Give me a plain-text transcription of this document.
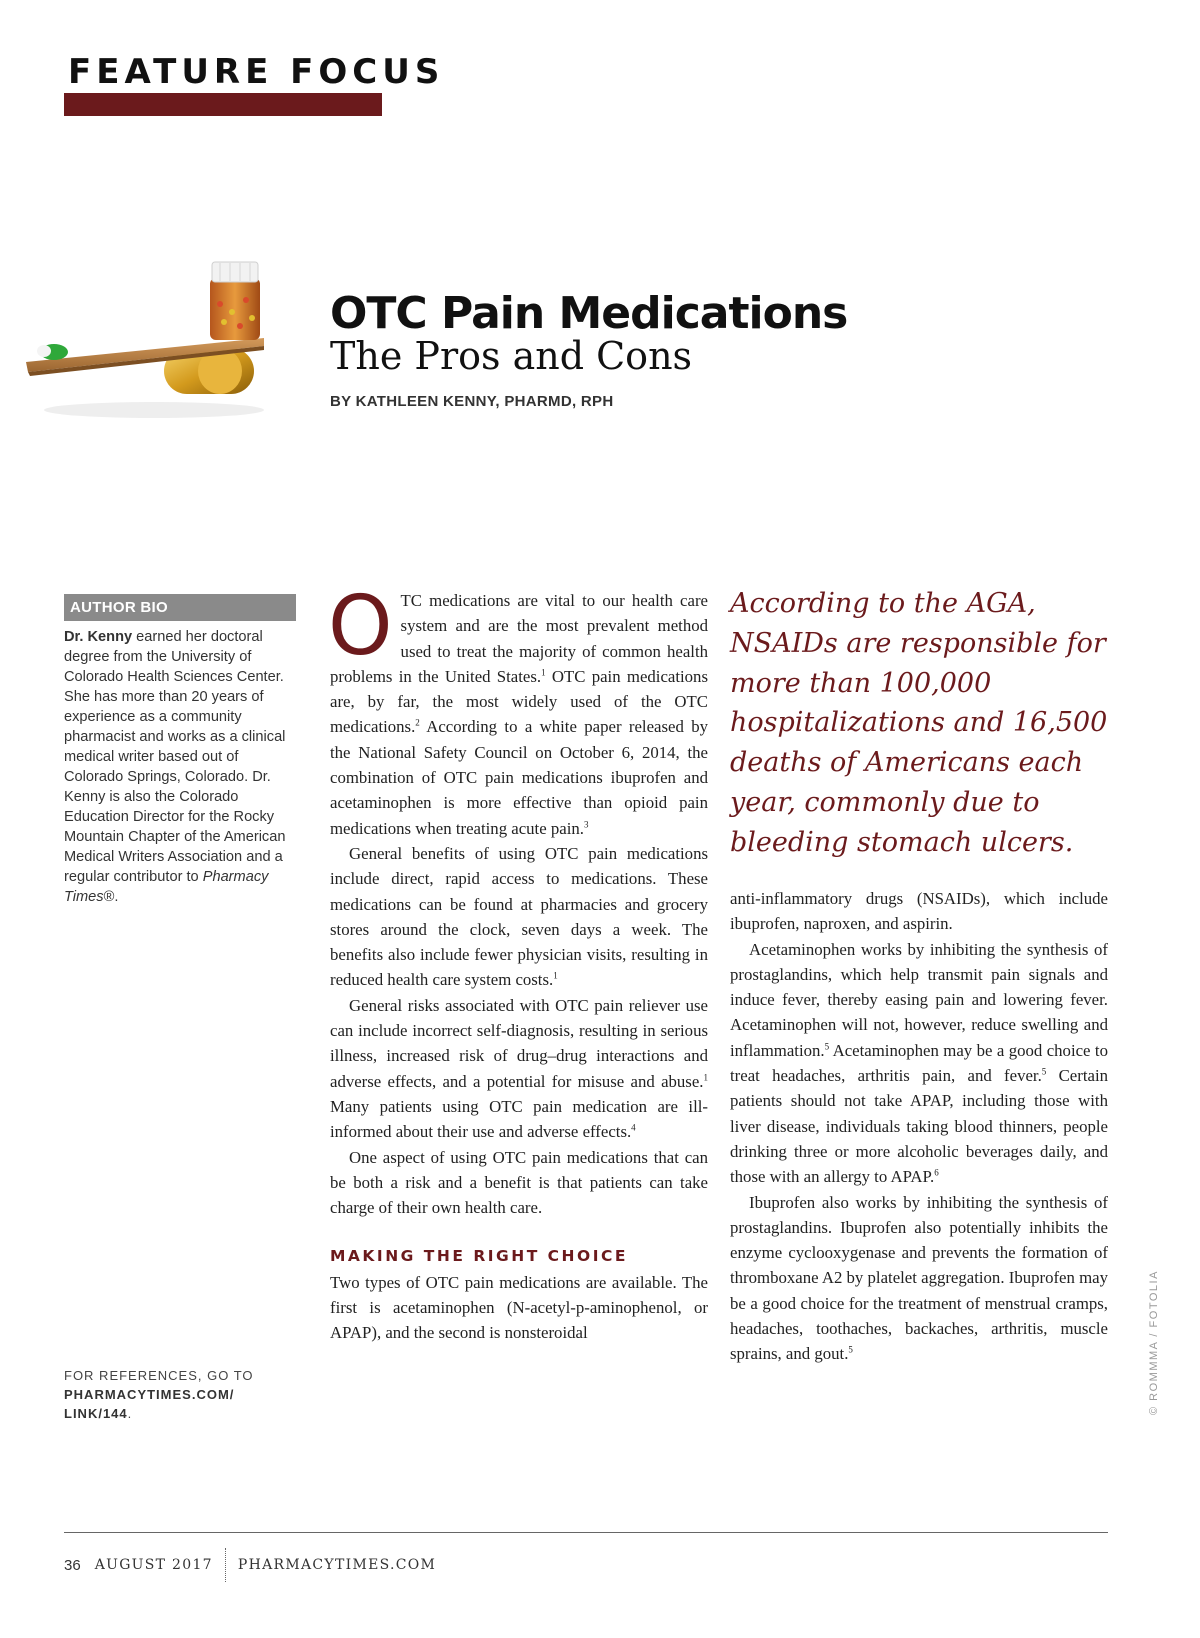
FEATURE FOCUS
OTC Pain Medications
The Pros and Cons
BY KATHLEEN KENNY, PHARMD, RPH
AUTHOR BIO
Dr. Kenny earned her doctoral degree from the University of Colorado Health Sciences Center. She has more than 20 years of experience as a community pharmacist and works as a clinical medical writer based out of Colorado Springs, Colorado. Dr. Kenny is also the Colorado Education Director for the Rocky Mountain Chapter of the American Medical Writers Association and a regular contributor to Pharmacy Times®.
FOR REFERENCES, GO TO
PHARMACYTIMES.COM/ LINK/144.

OTC medications are vital to our health care system and are the most prevalent method used to treat the majority of common health problems in the United States.$^1$ OTC pain medications are, by far, the most widely used of the OTC medications.$^2$ According to a white paper released by the National Safety Council on October 6, 2014, the combination of OTC pain medications ibuprofen and acetaminophen is more effective than opioid pain medications when treating acute pain.$^3$

General benefits of using OTC pain medications include direct, rapid access to medications. These medications can be found at pharmacies and grocery stores around the clock, seven days a week. The benefits also include fewer physician visits, resulting in reduced health care system costs.$^1$

General risks associated with OTC pain reliever use can include incorrect self-diagnosis, resulting in serious illness, increased risk of drug–drug interactions and adverse effects, and a potential for misuse and abuse.$^1$ Many patients using OTC pain medication are ill-informed about their use and adverse effects.$^4$

One aspect of using OTC pain medications that can be both a risk and a benefit is that patients can take charge of their own health care.

MAKING THE RIGHT CHOICE

Two types of OTC pain medications are available. The first is acetaminophen (N-acetyl-p-aminophenol, or APAP), and the second is nonsteroidal

According to the AGA, NSAIDs are responsible for more than 100,000 hospitalizations and 16,500 deaths of Americans each year, commonly due to bleeding stomach ulcers.

anti-inflammatory drugs (NSAIDs), which include ibuprofen, naproxen, and aspirin.

Acetaminophen works by inhibiting the synthesis of prostaglandins, which help transmit pain signals and induce fever, thereby easing pain and lowering fever. Acetaminophen will not, however, reduce swelling and inflammation.$^5$ Acetaminophen may be a good choice to treat headaches, arthritis pain, and fever.$^5$ Certain patients should not take APAP, including those with liver disease, individuals taking blood thinners, people drinking three or more alcoholic beverages daily, and those with an allergy to APAP.$^6$

Ibuprofen also works by inhibiting the synthesis of prostaglandins. Ibuprofen also potentially inhibits the enzyme cyclooxygenase and prevents the formation of thromboxane A2 by platelet aggregation. Ibuprofen may be a good choice for the treatment of menstrual cramps, headaches, toothaches, backaches, arthritis, muscle sprains, and gout.$^5$	© ROMMMA / FOTOLIA
36 AUGUST 2017 PHARMACYTIMES.COM
